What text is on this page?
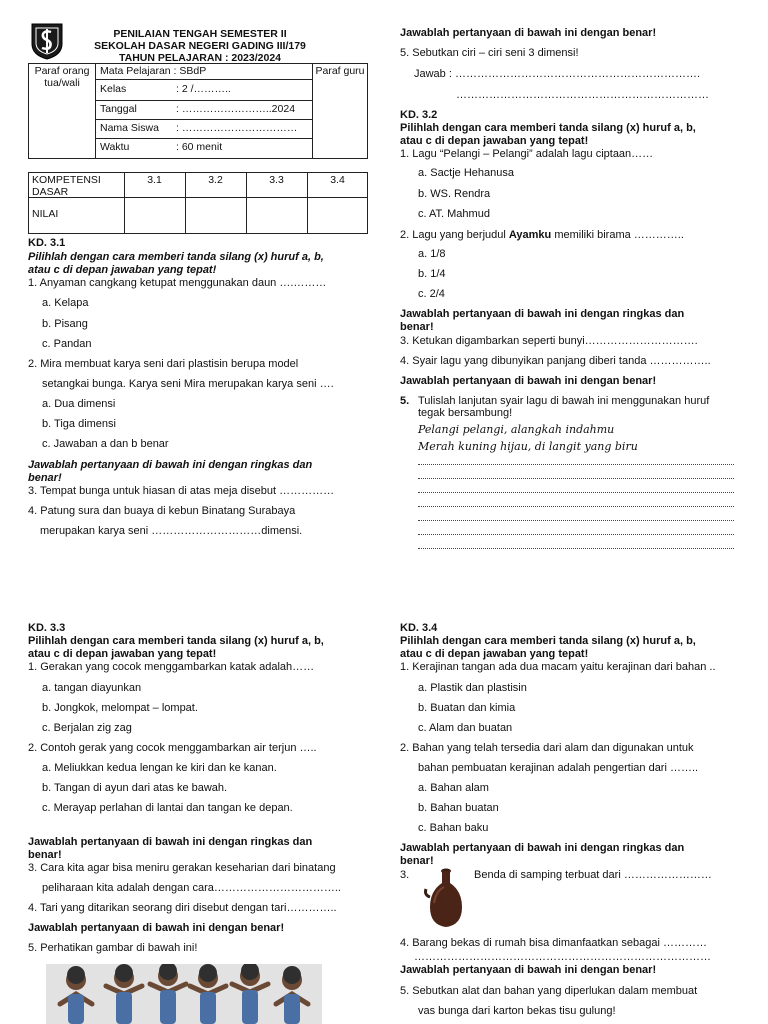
PENILAIAN TENGAH SEMESTER II
SEKOLAH DASAR NEGERI GADING III/179
TAHUN PELAJARAN : 2023/2024
Paraf orang tua/wali
Paraf guru
Mata Pelajaran : SBdP
Kelas	: 2 /………..
Tanggal	: ……………………..2024
Nama Siswa : ……………………………
Waktu	: 60 menit
KOMPETENSI DASAR
3.1	3.2	3.3	3.4
NILAI
KD. 3.1
Pilihlah dengan cara memberi tanda silang (x) huruf a, b,
atau c di depan jawaban yang tepat!
1. Anyaman cangkang ketupat menggunakan daun ….………
a. Kelapa
b. Pisang
c. Pandan
2. Mira membuat karya seni dari plastisin berupa model
setangkai bunga. Karya seni Mira merupakan karya seni ….
a. Dua dimensi
b. Tiga dimensi
c. Jawaban a dan b benar
Jawablah pertanyaan di bawah ini dengan ringkas dan
benar!
3. Tempat bunga untuk hiasan di atas meja disebut ……………
4. Patung sura dan buaya di kebun Binatang Surabaya
merupakan karya seni …………………………dimensi.
Jawablah pertanyaan di bawah ini dengan benar!
5. Sebutkan ciri – ciri seni 3 dimensi!
Jawab : ………………………………………………………….
……………………………………………………………
KD. 3.2
Pilihlah dengan cara memberi tanda silang (x) huruf a, b,
atau c di depan jawaban yang tepat!
1. Lagu “Pelangi – Pelangi” adalah lagu ciptaan……
a. Sactje Hehanusa
b. WS. Rendra
c. AT. Mahmud
2. Lagu yang berjudul Ayamku memiliki birama …………..
a. 1/8
b. 1/4
c. 2/4
Jawablah pertanyaan di bawah ini dengan ringkas dan
benar!
3. Ketukan digambarkan seperti bunyi………………………….
4. Syair lagu yang dibunyikan panjang diberi tanda ……………..
Jawablah pertanyaan di bawah ini dengan benar!
5. Tulislah lanjutan syair lagu di bawah ini menggunakan huruf
tegak bersambung!
Pelangi pelangi, alangkah indahmu
Merah kuning hijau, di langit yang biru
KD. 3.3
Pilihlah dengan cara memberi tanda silang (x) huruf a, b,
atau c di depan jawaban yang tepat!
1. Gerakan yang cocok menggambarkan katak adalah……
a. tangan diayunkan
b. Jongkok, melompat – lompat.
c. Berjalan zig zag
2. Contoh gerak yang cocok menggambarkan air terjun …..
a. Meliukkan kedua lengan ke kiri dan ke kanan.
b. Tangan di ayun dari atas ke bawah.
c. Merayap perlahan di lantai dan tangan ke depan.
Jawablah pertanyaan di bawah ini dengan ringkas dan
benar!
3. Cara kita agar bisa meniru gerakan keseharian dari binatang
peliharaan kita adalah dengan cara……………………………..
4. Tari yang ditarikan seorang diri disebut dengan tari…………..
Jawablah pertanyaan di bawah ini dengan benar!
5. Perhatikan gambar di bawah ini!
KD. 3.4
Pilihlah dengan cara memberi tanda silang (x) huruf a, b,
atau c di depan jawaban yang tepat!
1. Kerajinan tangan ada dua macam yaitu kerajinan dari bahan ..
a. Plastik dan plastisin
b. Buatan dan kimia
c. Alam dan buatan
2. Bahan yang telah tersedia dari alam dan digunakan untuk
bahan pembuatan kerajinan adalah pengertian dari ……..
a. Bahan alam
b. Bahan buatan
c. Bahan baku
Jawablah pertanyaan di bawah ini dengan ringkas dan
benar!
3.	Benda di samping terbuat dari ……………………
4. Barang bekas di rumah bisa dimanfaatkan sebagai …………
………………………………………………………………………
Jawablah pertanyaan di bawah ini dengan benar!
5. Sebutkan alat dan bahan yang diperlukan dalam membuat
vas bunga dari karton bekas tisu gulung!
